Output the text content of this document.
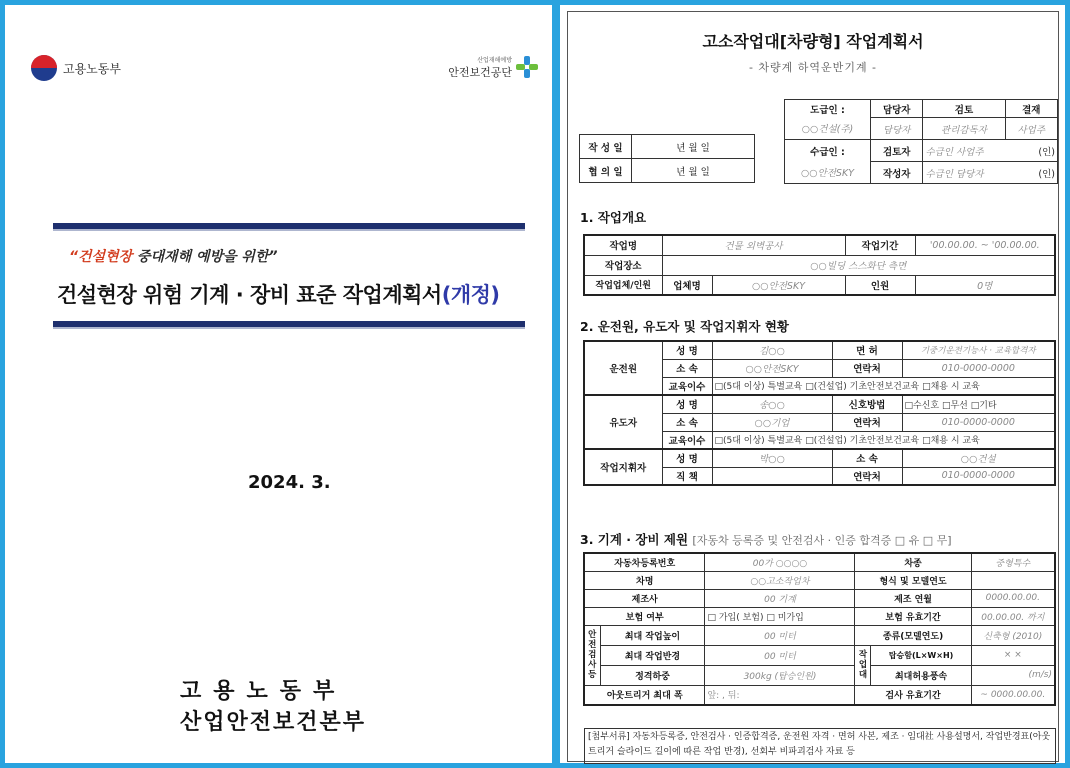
고용노동부
산업재해예방
안전보건공단
“건설현장 중대재해 예방을 위한”
건설현장 위험 기계 · 장비 표준 작업계획서(개정)
2024. 3.
고용노동부
산업안전보건본부
고소작업대[차량형] 작업계획서
- 차량계 하역운반기계 -
작 성 일	년 월 일
협 의 일	년 월 일
도급인 :	담당자	검토	결재
○○건설(주)	담당자	관리감독자	사업주
수급인 :	검토자	수급인 사업주 (인)	

○○안전SKY	작성자	수급인 담당자 (인)	
1. 작업개요
작업명	건물 외벽공사		작업기간	'00.00.00. ~ '00.00.00.
작업장소	○○빌딩 스스화단 측면			
작업업체/인원	업체명	○○안전SKY	인원	0명
2. 운전원, 유도자 및 작업지휘자 현황
운전원	성 명	김○○	면 허	기중기운전기능사 · 교육합격자
	소 속	○○안전SKY	연락처	010-0000-0000
	교육이수	□(5대 이상) 특별교육 □(건설업) 기초안전보건교육 □채용 시 교육		
유도자	성 명	송○○	신호방법	□수신호 □무선 □기타
	소 속	○○기업	연락처	010-0000-0000
	교육이수	□(5대 이상) 특별교육 □(건설업) 기초안전보건교육 □채용 시 교육		
작업지휘자	성 명	박○○	소 속	○○건설
	직 책		연락처	010-0000-0000
3. 기계 · 장비 제원 [자동차 등록증 및 안전검사 · 인증 합격증 □ 유 □ 무]
자동차등록번호		00가 ○○○○	차종		중형특수
차명		○○고소작업차	형식 및 모델연도		
제조사		00 기계	제조 연월		0000.00.00.
보험 여부		□ 가입( 보험) □ 미가입	보험 유효기간		00.00.00. 까지
안전검사등	최대 작업높이	00 미터	종류(모델연도)		신축형 (2010)
	최대 작업반경	00 미터	작업대	탑승함(L×W×H)	× ×
	정격하중	300kg (탑승인원)		최대허용풍속	(m/s)
아웃트리거 최대 폭		앞: , 뒤:	검사 유효기간		~ 0000.00.00.
[첨부서류] 자동차등록증, 안전검사 · 인증합격증, 운전원 자격 · 면허 사본, 제조 · 임대社 사용설명서, 작업반경표(아웃트리거 슬라이드 길이에 따른 작업 반경), 선회부 비파괴검사 자료 등
